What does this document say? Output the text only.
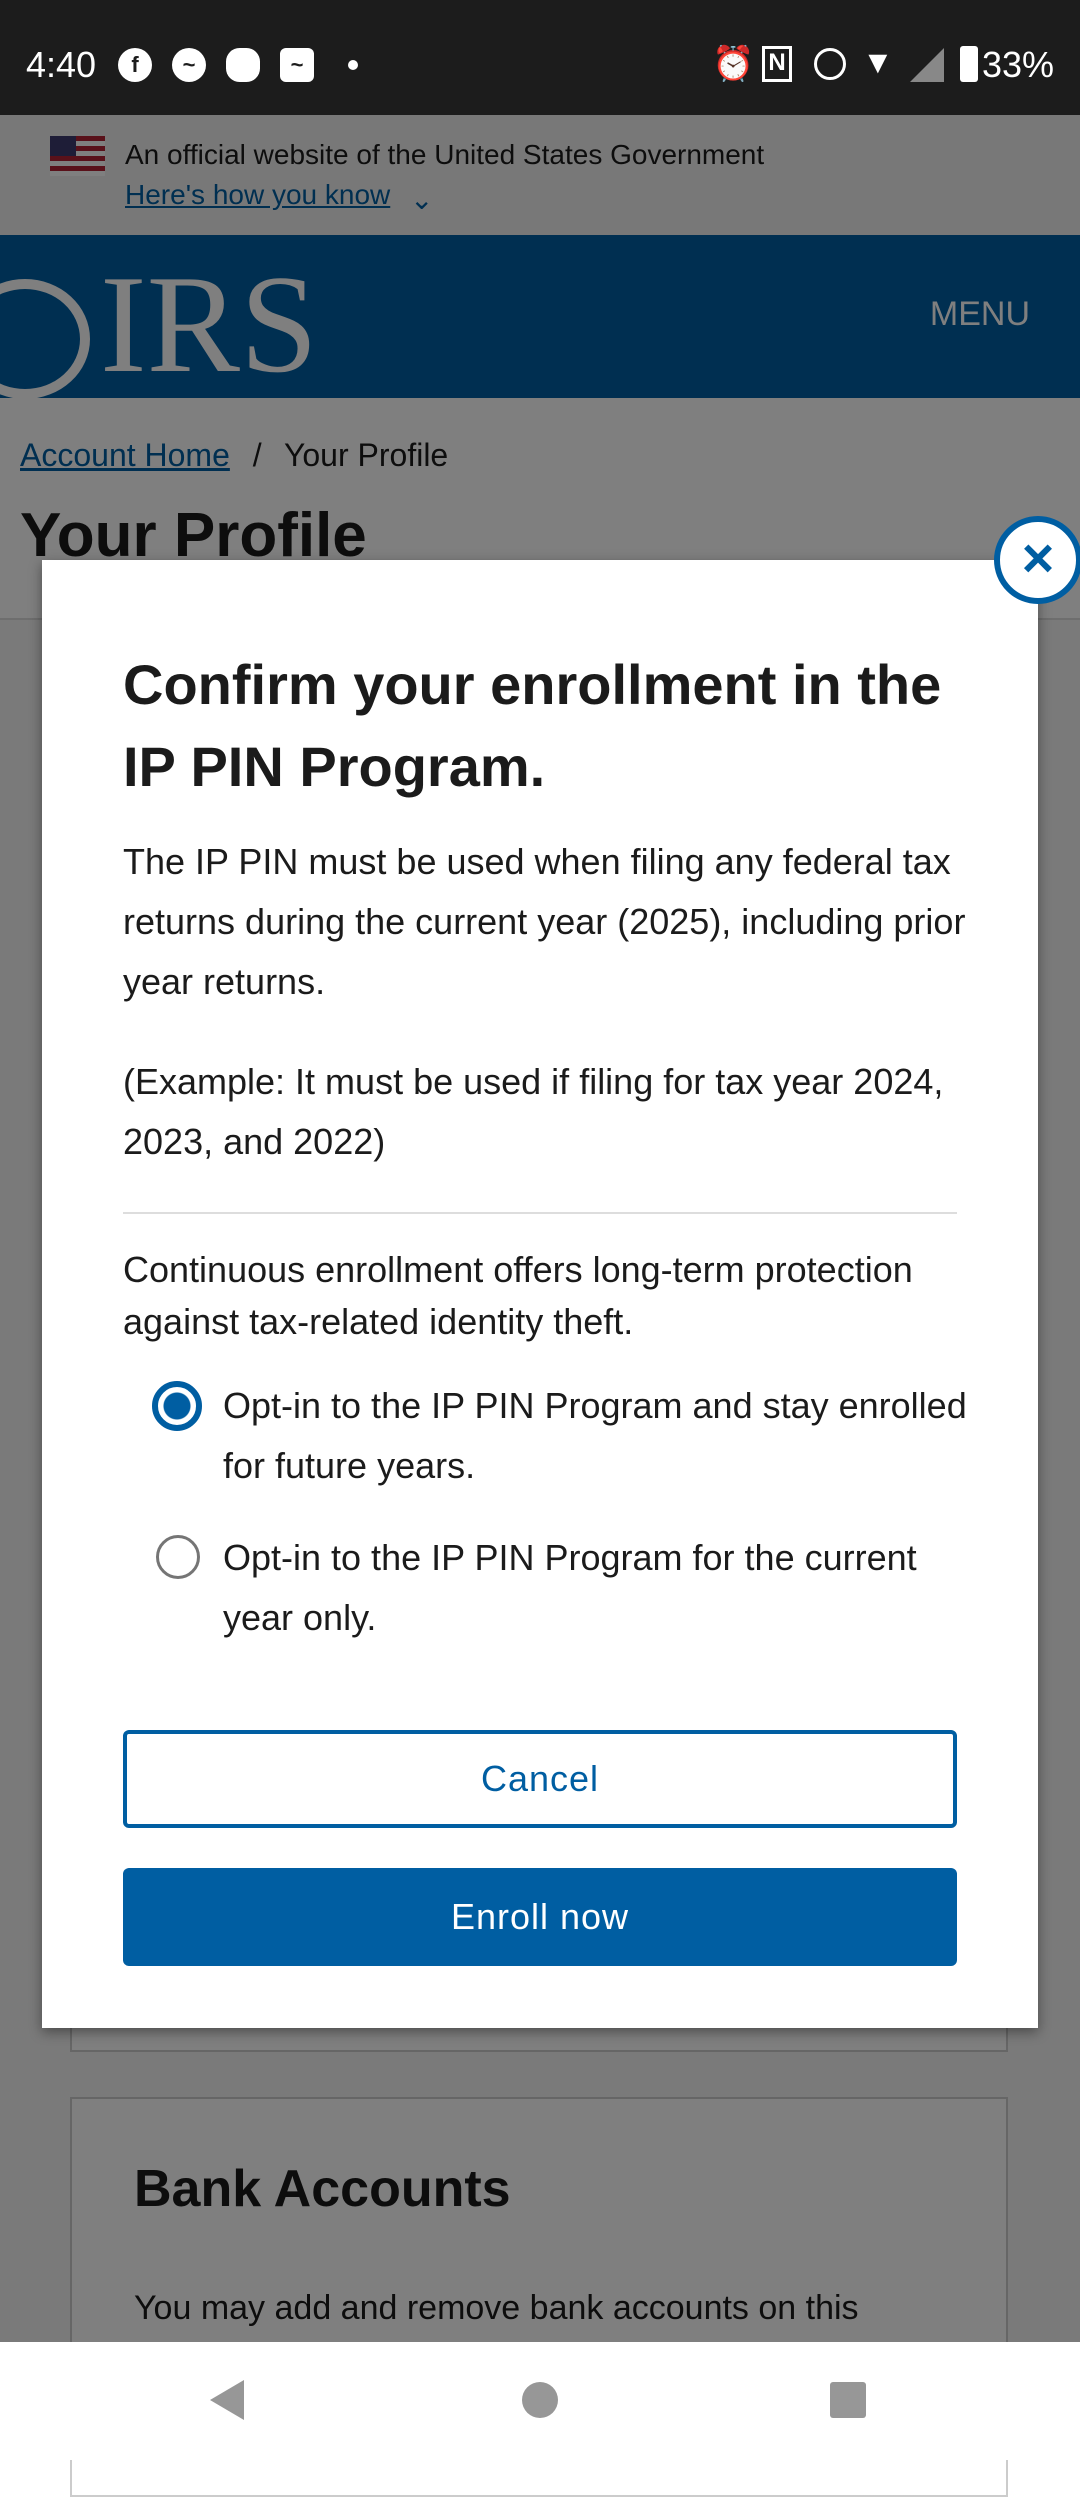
4:40	f	~	~	⏰ N ▼ 33%

Confirm your enrollment in the IP PIN Program.
The IP PIN must be used when filing any federal tax returns during the current year (2025), including prior year returns.
(Example: It must be used if filing for tax year 2024, 2023, and 2022)
Continuous enrollment offers long-term protection against tax-related identity theft.
Opt-in to the IP PIN Program and stay enrolled for future years.
Opt-in to the IP PIN Program for the current year only.
Cancel
Enroll now
×
